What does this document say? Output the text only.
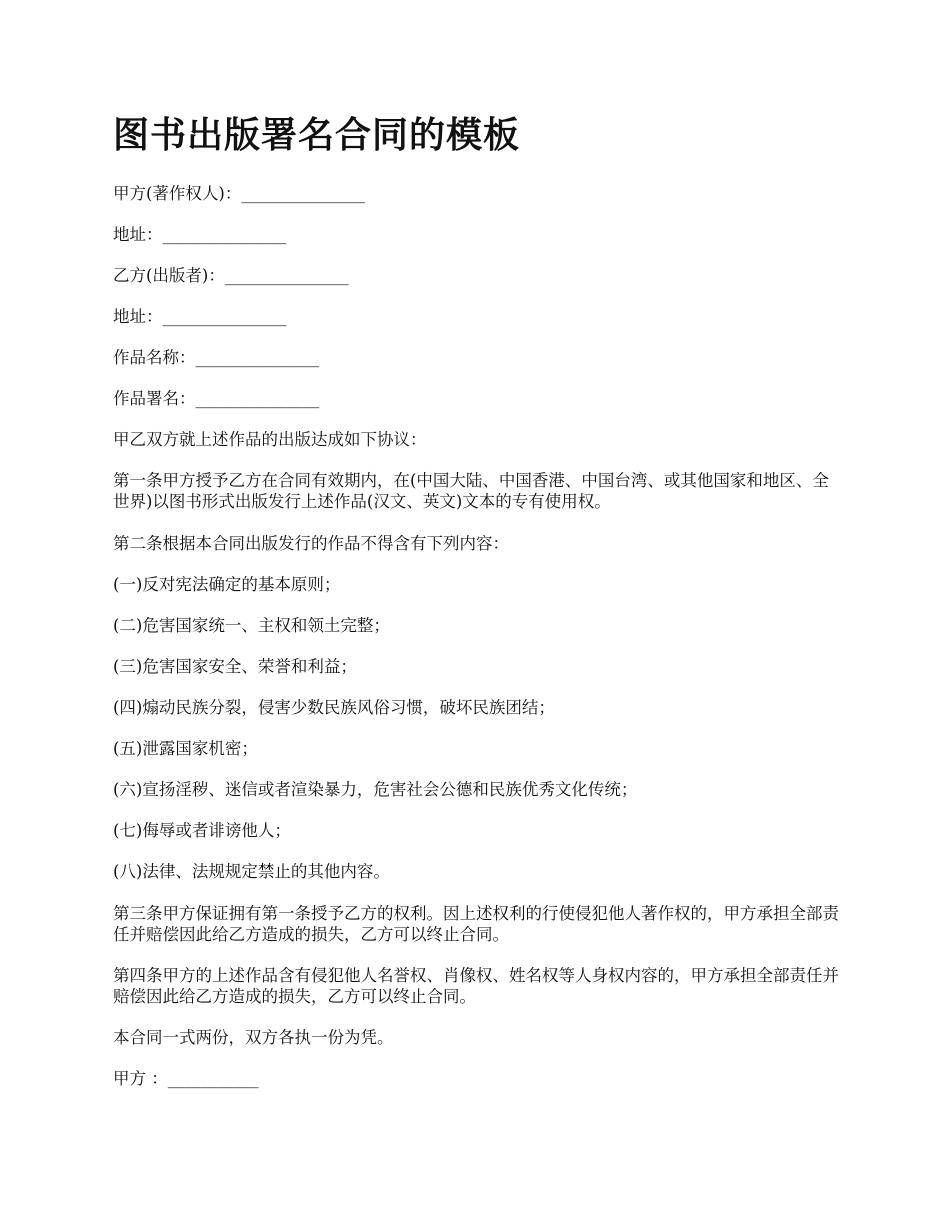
图书出版署名合同的模板

甲方(著作权人)：_______________

地址：_______________

乙方(出版者)：_______________

地址：_______________

作品名称：_______________

作品署名：_______________

甲乙双方就上述作品的出版达成如下协议：

第一条甲方授予乙方在合同有效期内，在(中国大陆、中国香港、中国台湾、或其他国家和地区、全世界)以图书形式出版发行上述作品(汉文、英文)文本的专有使用权。

第二条根据本合同出版发行的作品不得含有下列内容：

(一)反对宪法确定的基本原则；

(二)危害国家统一、主权和领土完整；

(三)危害国家安全、荣誉和利益；

(四)煽动民族分裂，侵害少数民族风俗习惯，破坏民族团结；

(五)泄露国家机密；

(六)宣扬淫秽、迷信或者渲染暴力，危害社会公德和民族优秀文化传统；

(七)侮辱或者诽谤他人；

(八)法律、法规规定禁止的其他内容。

第三条甲方保证拥有第一条授予乙方的权利。因上述权利的行使侵犯他人著作权的，甲方承担全部责任并赔偿因此给乙方造成的损失，乙方可以终止合同。

第四条甲方的上述作品含有侵犯他人名誉权、肖像权、姓名权等人身权内容的，甲方承担全部责任并赔偿因此给乙方造成的损失，乙方可以终止合同。

本合同一式两份，双方各执一份为凭。

甲方 ：___________
